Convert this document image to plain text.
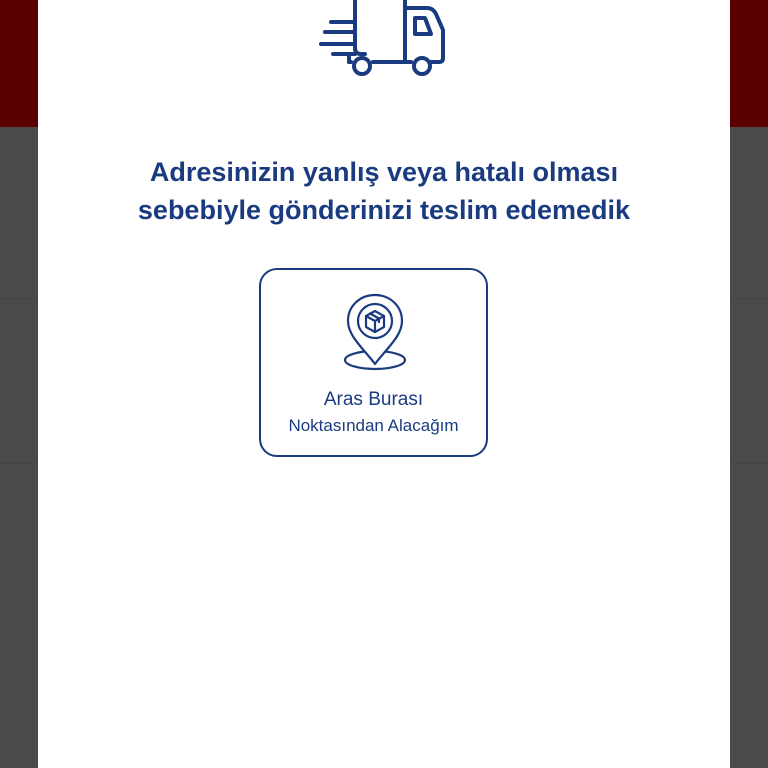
Adresinizin yanlış veya hatalı olması
sebebiyle gönderinizi teslim edemedik
Aras Burası
Noktasından Alacağım
